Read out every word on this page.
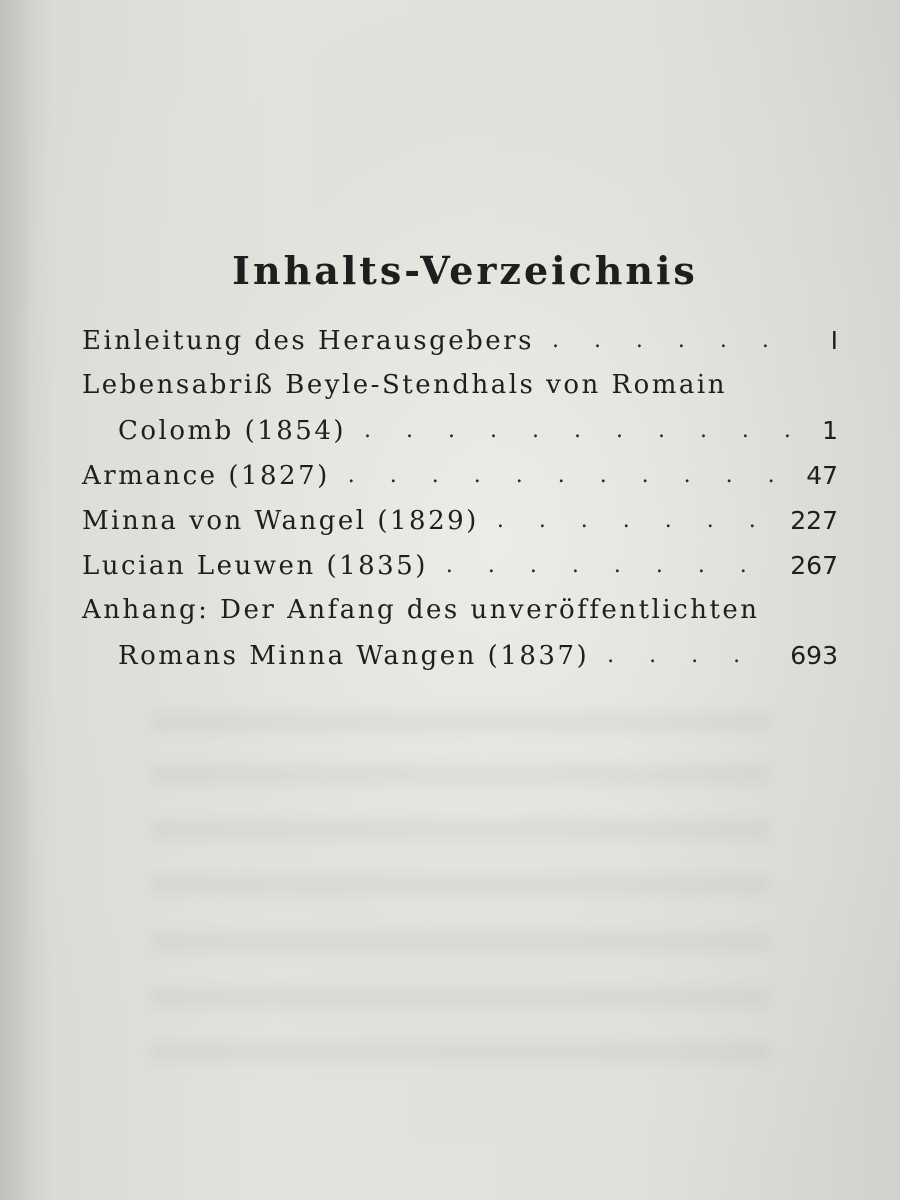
Inhalts-Verzeichnis
Einleitung des Herausgebers . . .	I
Lebensabriß Beyle-Stendhals von Romain
Colomb (1854) . . .	1
Armance (1827) . . .	47
Minna von Wangel (1829) . . .	227
Lucian Leuwen (1835) . . .	267
Anhang: Der Anfang des unveröffentlichten
Romans Minna Wangen (1837) . . .	693
